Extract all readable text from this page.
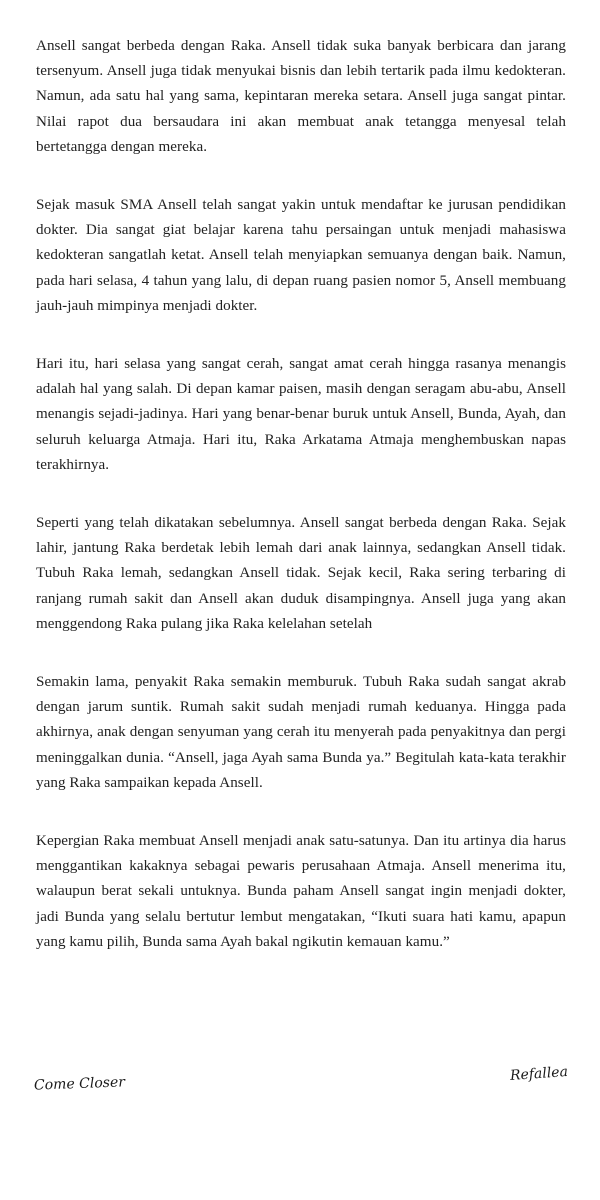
Ansell sangat berbeda dengan Raka. Ansell tidak suka banyak berbicara dan jarang tersenyum. Ansell juga tidak menyukai bisnis dan lebih tertarik pada ilmu kedokteran. Namun, ada satu hal yang sama, kepintaran mereka setara. Ansell juga sangat pintar. Nilai rapot dua bersaudara ini akan membuat anak tetangga menyesal telah bertetangga dengan mereka.

Sejak masuk SMA Ansell telah sangat yakin untuk mendaftar ke jurusan pendidikan dokter. Dia sangat giat belajar karena tahu persaingan untuk menjadi mahasiswa kedokteran sangatlah ketat. Ansell telah menyiapkan semuanya dengan baik. Namun, pada hari selasa, 4 tahun yang lalu, di depan ruang pasien nomor 5, Ansell membuang jauh-jauh mimpinya menjadi dokter.

Hari itu, hari selasa yang sangat cerah, sangat amat cerah hingga rasanya menangis adalah hal yang salah. Di depan kamar paisen, masih dengan seragam abu-abu, Ansell menangis sejadi-jadinya. Hari yang benar-benar buruk untuk Ansell, Bunda, Ayah, dan seluruh keluarga Atmaja. Hari itu, Raka Arkatama Atmaja menghembuskan napas terakhirnya.

Seperti yang telah dikatakan sebelumnya. Ansell sangat berbeda dengan Raka. Sejak lahir, jantung Raka berdetak lebih lemah dari anak lainnya, sedangkan Ansell tidak. Tubuh Raka lemah, sedangkan Ansell tidak. Sejak kecil, Raka sering terbaring di ranjang rumah sakit dan Ansell akan duduk disampingnya. Ansell juga yang akan menggendong Raka pulang jika Raka kelelahan setelah

Semakin lama, penyakit Raka semakin memburuk. Tubuh Raka sudah sangat akrab dengan jarum suntik. Rumah sakit sudah menjadi rumah keduanya. Hingga pada akhirnya, anak dengan senyuman yang cerah itu menyerah pada penyakitnya dan pergi meninggalkan dunia. “Ansell, jaga Ayah sama Bunda ya.” Begitulah kata-kata terakhir yang Raka sampaikan kepada Ansell.

Kepergian Raka membuat Ansell menjadi anak satu-satunya. Dan itu artinya dia harus menggantikan kakaknya sebagai pewaris perusahaan Atmaja. Ansell menerima itu, walaupun berat sekali untuknya. Bunda paham Ansell sangat ingin menjadi dokter, jadi Bunda yang selalu bertutur lembut mengatakan, “Ikuti suara hati kamu, apapun yang kamu pilih, Bunda sama Ayah bakal ngikutin kemauan kamu.”

Come Closer	Refallea
